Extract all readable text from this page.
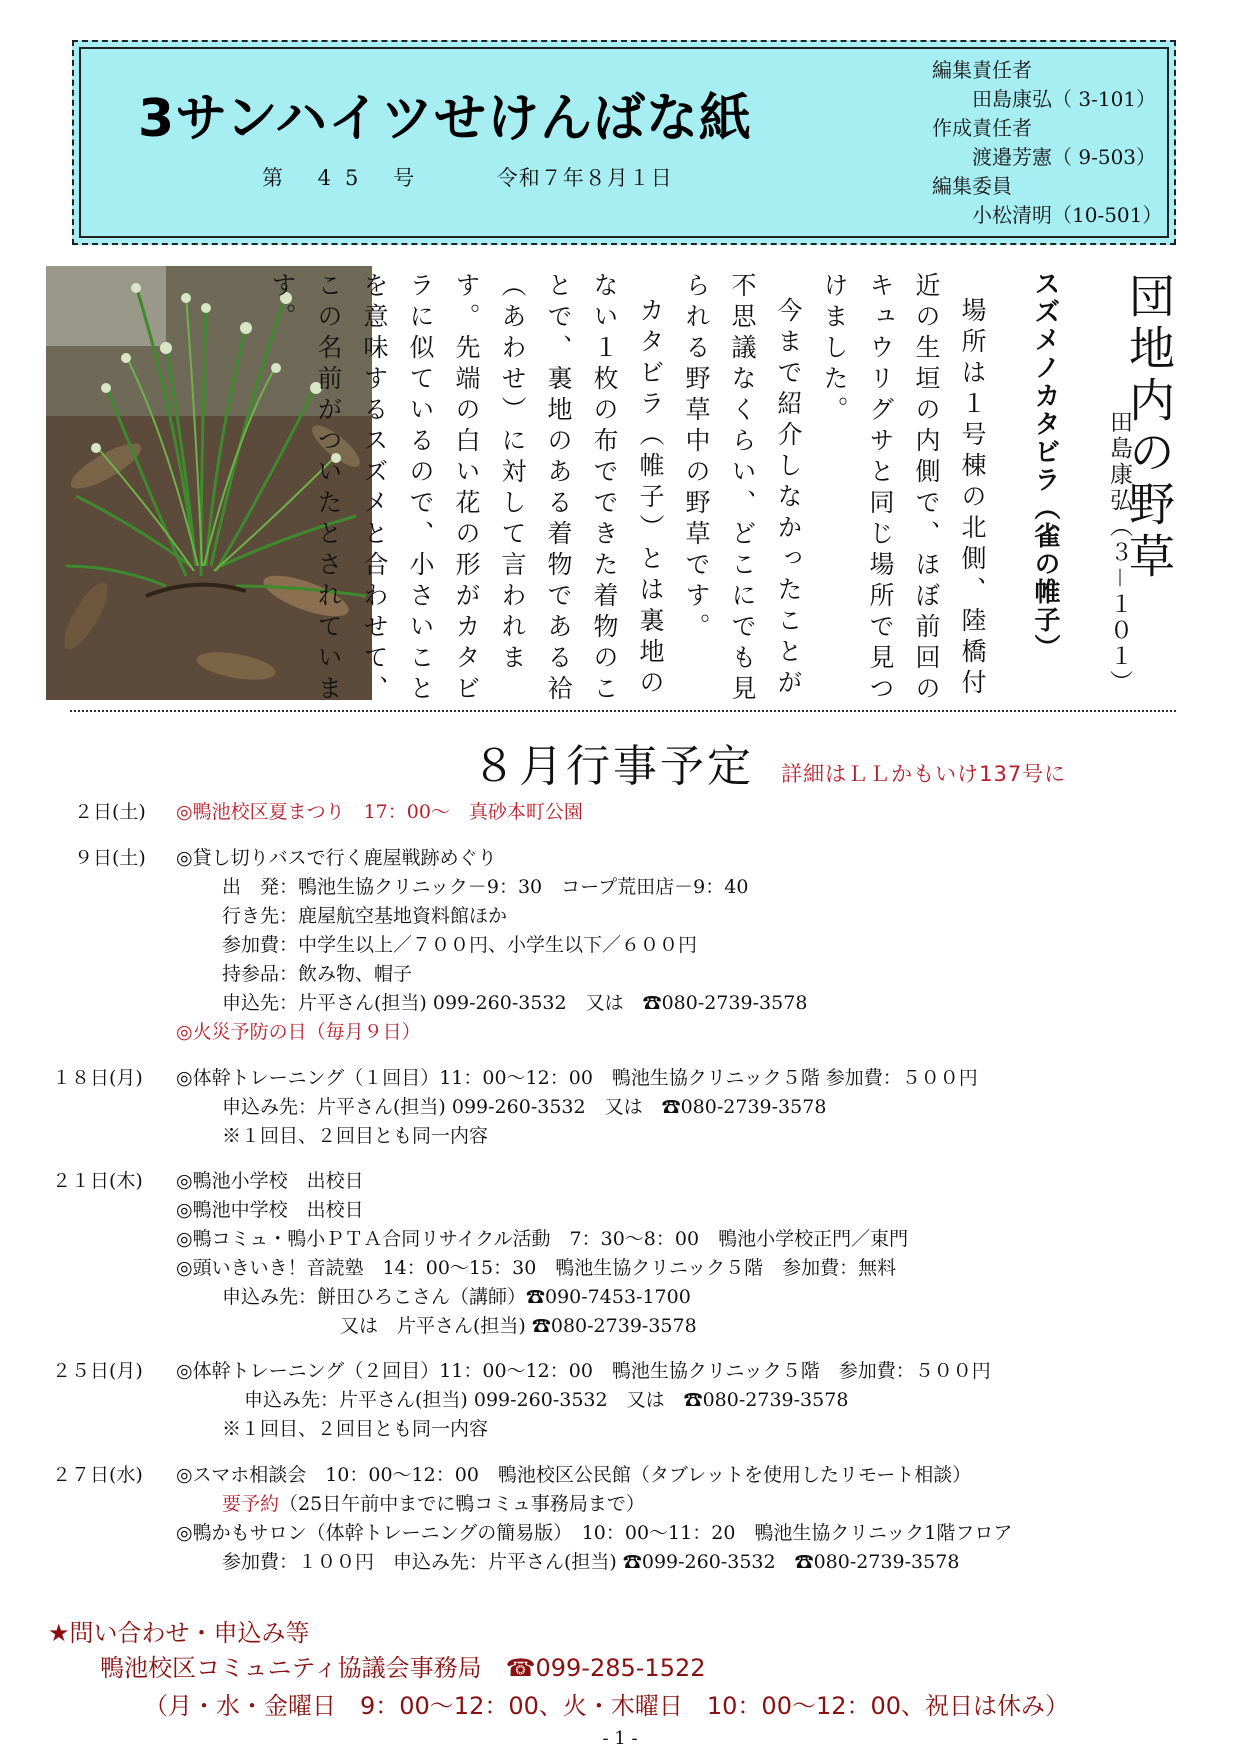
3サンハイツせけんばな紙
第 45 号	令和７年８月１日
編集責任者
田島康弘（ 3-101）
作成責任者
渡邉芳憲（ 9-503）
編集委員
小松清明（10-501）
団地内の野草
田島康弘（３－１０１）
スズメノカタビラ（雀の帷子）

場所は１号棟の北側、陸橋付近の生垣の内側で、ほぼ前回のキュウリグサと同じ場所で見つけました。

今まで紹介しなかったことが不思議なくらい、どこにでも見られる野草中の野草です。

カタビラ（帷子）とは裏地のない１枚の布でできた着物のことで、裏地のある着物である袷（あわせ）に対して言われます。先端の白い花の形がカタビラに似ているので、小さいことを意味するスズメと合わせて、この名前がついたとされています。

８月行事予定 詳細はＬＬかもいけ137号に
２日(土) ◎鴨池校区夏まつり　17：00～　真砂本町公園
９日(土) ◎貸し切りバスで行く鹿屋戦跡めぐり
出　発：鴨池生協クリニック－9：30　コープ荒田店－9：40
行き先：鹿屋航空基地資料館ほか
参加費：中学生以上／７００円、小学生以下／６００円
持参品：飲み物、帽子
申込先：片平さん(担当) 099-260-3532　又は　☎080-2739-3578
◎火災予防の日（毎月９日）
１８日(月) ◎体幹トレーニング（１回目）11：00～12：00　鴨池生協クリニック５階 参加費：５００円
申込み先：片平さん(担当) 099-260-3532　又は　☎080-2739-3578
※１回目、２回目とも同一内容
２１日(木) ◎鴨池小学校　出校日
◎鴨池中学校　出校日
◎鴨コミュ・鴨小ＰＴＡ合同リサイクル活動　7：30～8：00　鴨池小学校正門／東門
◎頭いきいき！音読塾　14：00～15：30　鴨池生協クリニック５階　参加費：無料
申込み先：餅田ひろこさん（講師）☎090-7453-1700
又は　片平さん(担当) ☎080-2739-3578
２５日(月) ◎体幹トレーニング（２回目）11：00～12：00　鴨池生協クリニック５階　参加費：５００円
申込み先：片平さん(担当) 099-260-3532　又は　☎080-2739-3578
※１回目、２回目とも同一内容
２７日(水) ◎スマホ相談会　10：00～12：00　鴨池校区公民館（タブレットを使用したリモート相談）
要予約（25日午前中までに鴨コミュ事務局まで）
◎鴨かもサロン（体幹トレーニングの簡易版）　10：00～11：20　鴨池生協クリニック1階フロア
参加費：１００円　申込み先：片平さん(担当) ☎099-260-3532　☎080-2739-3578
★問い合わせ・申込み等
鴨池校区コミュニティ協議会事務局　☎099-285-1522
（月・水・金曜日　9：00～12：00、火・木曜日　10：00～12：00、祝日は休み）
- 1 -
